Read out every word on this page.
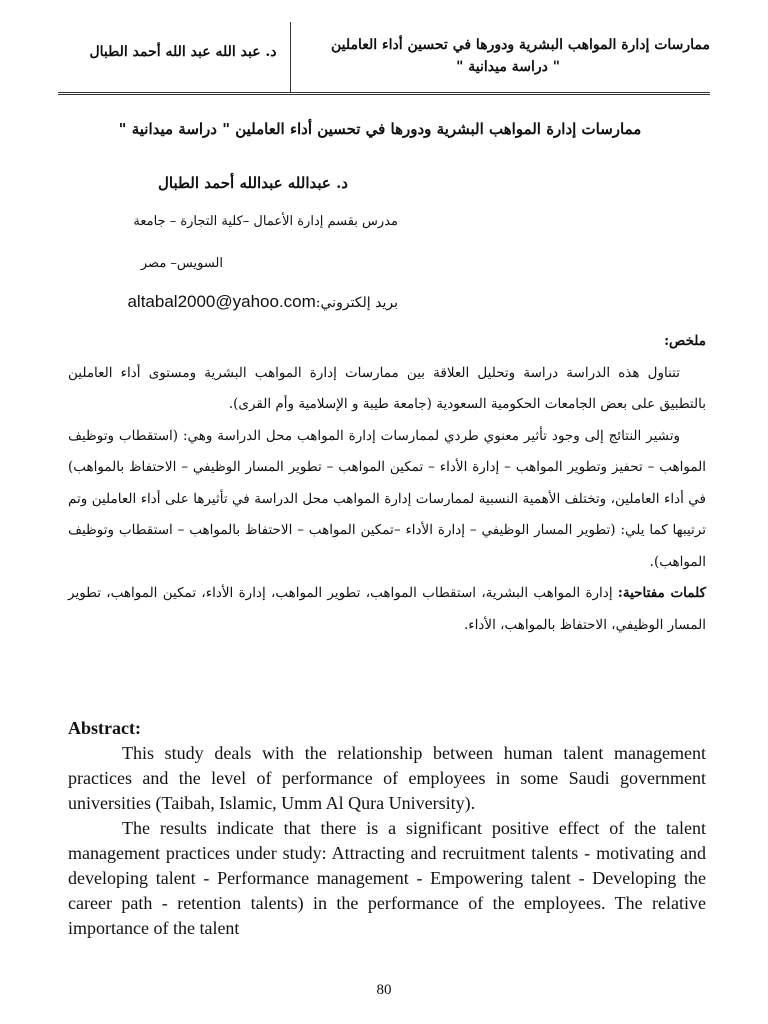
ممارسات إدارة المواهب البشرية ودورها في تحسين أداء العاملين
" دراسة ميدانية "
د. عبد الله عبد الله أحمد الطبال
ممارسات إدارة المواهب البشرية ودورها في تحسين أداء العاملين " دراسة ميدانية "
د. عبدالله عبدالله أحمد الطبال
مدرس بقسم إدارة الأعمال –كلية التجارة – جامعة
السويس– مصر
بريد إلكتروني:altabal2000@yahoo.com

ملخص:

تتناول هذه الدراسة دراسة وتحليل العلاقة بين ممارسات إدارة المواهب البشرية ومستوى أداء العاملين بالتطبيق على بعض الجامعات الحكومية السعودية (جامعة طيبة و الإسلامية وأم القرى).

وتشير النتائج إلى وجود تأثير معنوي طردي لممارسات إدارة المواهب محل الدراسة وهي: (استقطاب وتوظيف المواهب – تحفيز وتطوير المواهب – إدارة الأداء – تمكين المواهب – تطوير المسار الوظيفي – الاحتفاظ بالمواهب) في أداء العاملين، وتختلف الأهمية النسبية لممارسات إدارة المواهب محل الدراسة في تأثيرها على أداء العاملين وتم ترتيبها كما يلي: (تطوير المسار الوظيفي – إدارة الأداء –تمكين المواهب – الاحتفاظ بالمواهب – استقطاب وتوظيف المواهب).

كلمات مفتاحية: إدارة المواهب البشرية، استقطاب المواهب، تطوير المواهب، إدارة الأداء، تمكين المواهب، تطوير المسار الوظيفي، الاحتفاظ بالمواهب، الأداء.

Abstract:

This study deals with the relationship between human talent management practices and the level of performance of employees in some Saudi government universities (Taibah, Islamic, Umm Al Qura University).

The results indicate that there is a significant positive effect of the talent management practices under study: Attracting and recruitment talents - motivating and developing talent - Performance management - Empowering talent - Developing the career path - retention talents) in the performance of the employees. The relative importance of the talent

80
